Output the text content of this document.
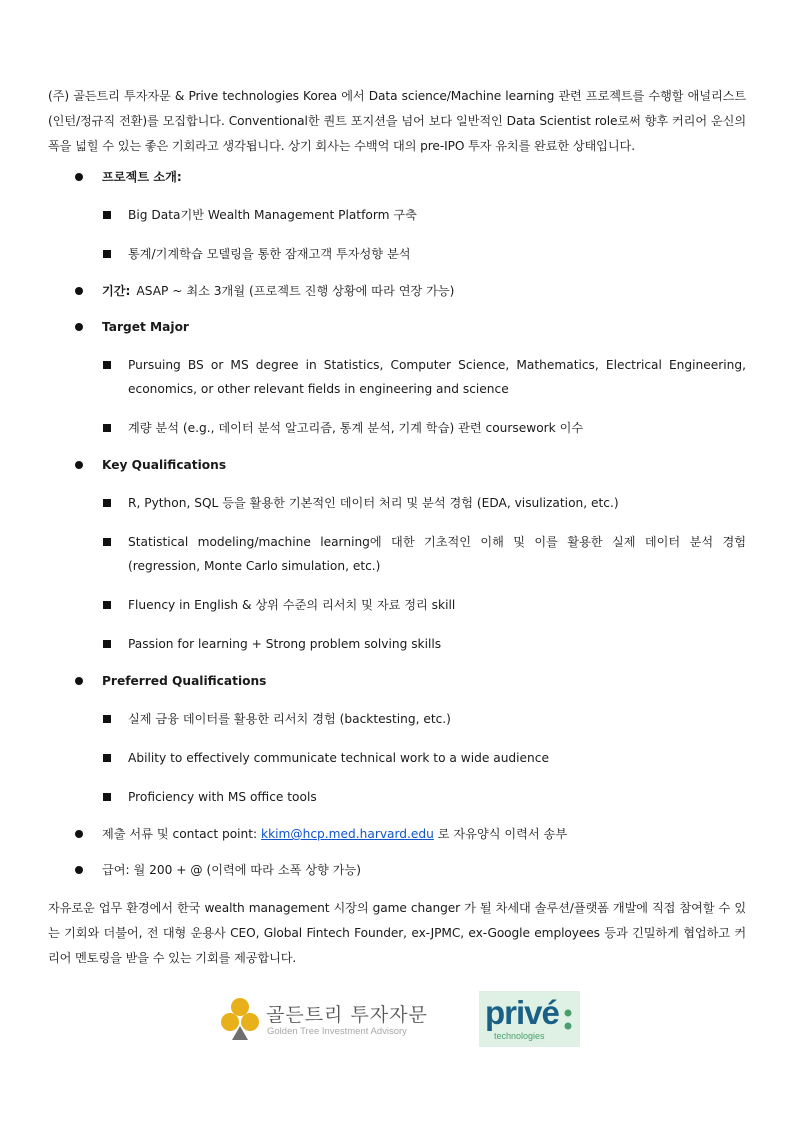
(주) 골든트리 투자자문 & Prive technologies Korea 에서 Data science/Machine learning 관련 프로젝트를 수행할 애널리스트 (인턴/정규직 전환)를 모집합니다. Conventional한 퀀트 포지션을 넘어 보다 일반적인 Data Scientist role로써 향후 커리어 운신의 폭을 넓힐 수 있는 좋은 기회라고 생각됩니다. 상기 회사는 수백억 대의 pre-IPO 투자 유치를 완료한 상태입니다.
프로젝트 소개:
Big Data기반 Wealth Management Platform 구축
통계/기계학습 모델링을 통한 잠재고객 투자성향 분석
기간: ASAP ~ 최소 3개월 (프로젝트 진행 상황에 따라 연장 가능)
Target Major
Pursuing BS or MS degree in Statistics, Computer Science, Mathematics, Electrical Engineering, economics, or other relevant fields in engineering and science
계량 분석 (e.g., 데이터 분석 알고리즘, 통계 분석, 기계 학습) 관련 coursework 이수
Key Qualifications
R, Python, SQL 등을 활용한 기본적인 데이터 처리 및 분석 경험 (EDA, visulization, etc.)
Statistical modeling/machine learning에 대한 기초적인 이해 및 이를 활용한 실제 데이터 분석 경험 (regression, Monte Carlo simulation, etc.)
Fluency in English & 상위 수준의 리서치 및 자료 정리 skill
Passion for learning + Strong problem solving skills
Preferred Qualifications
실제 금융 데이터를 활용한 리서치 경험 (backtesting, etc.)
Ability to effectively communicate technical work to a wide audience
Proficiency with MS office tools
제출 서류 및 contact point: kkim@hcp.med.harvard.edu 로 자유양식 이력서 송부
급여: 월 200 + @ (이력에 따라 소폭 상향 가능)
자유로운 업무 환경에서 한국 wealth management 시장의 game changer 가 될 차세대 솔루션/플랫폼 개발에 직접 참여할 수 있는 기회와 더불어, 전 대형 운용사 CEO, Global Fintech Founder, ex-JPMC, ex-Google employees 등과 긴밀하게 협업하고 커리어 멘토링을 받을 수 있는 기회를 제공합니다.
골든트리 투자자문
Golden Tree Investment Advisory
privé
technologies
